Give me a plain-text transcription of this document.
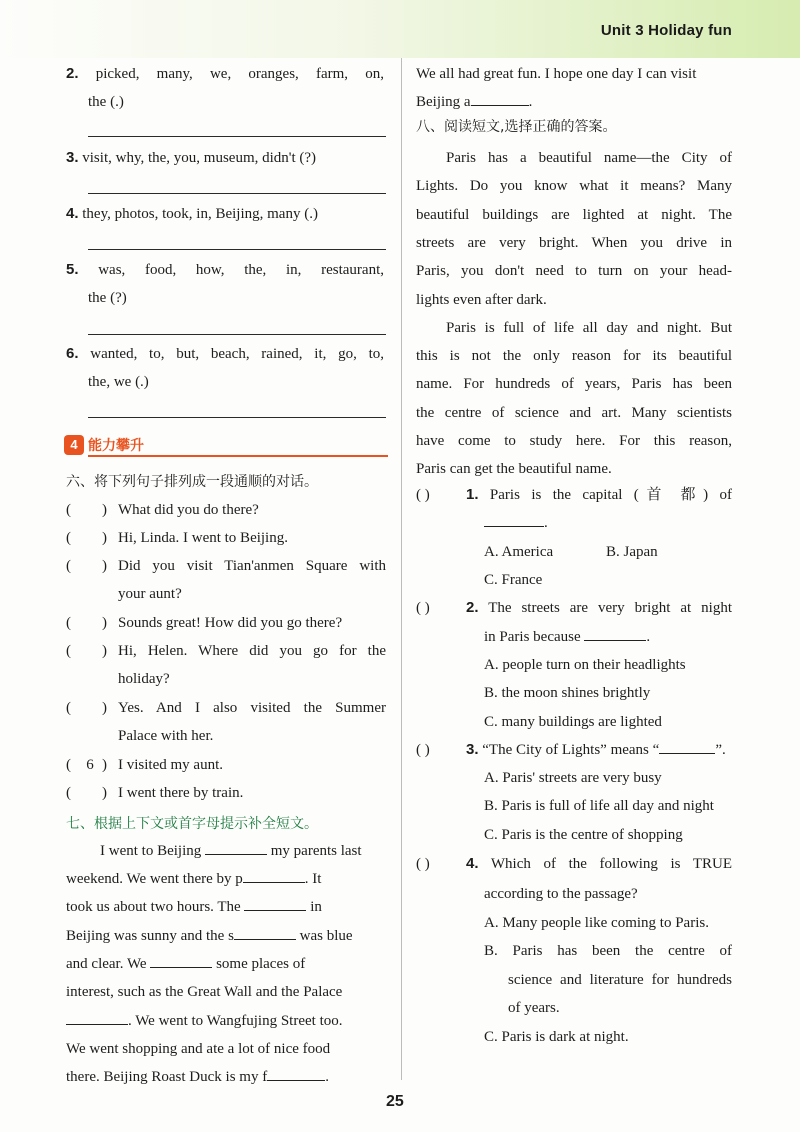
Unit 3 Holiday fun
2. picked, many, we, oranges, farm, on,
the (.)
3. visit, why, the, you, museum, didn't (?)
4. they, photos, took, in, Beijing, many (.)
5. was, food, how, the, in, restaurant,
the (?)
6. wanted, to, but, beach, rained, it, go, to,
the, we (.)
4 能力攀升
六、将下列句子排列成一段通顺的对话。
( ) What did you do there?
( ) Hi, Linda. I went to Beijing.
( ) Did you visit Tian'anmen Square with
your aunt?
( ) Sounds great! How did you go there?
( ) Hi, Helen. Where did you go for the
holiday?
( ) Yes. And I also visited the Summer
Palace with her.
( 6 ) I visited my aunt.
( ) I went there by train.
七、根据上下文或首字母提示补全短文。
I went to Beijing	my parents last
weekend. We went there by p	. It
took us about two hours. The	in
Beijing was sunny and the s	was blue
and clear. We	some places of
interest, such as the Great Wall and the Palace
. We went to Wangfujing Street too.
We went shopping and ate a lot of nice food
there. Beijing Roast Duck is my f	.
We all had great fun. I hope one day I can visit
Beijing a	.
八、阅读短文,选择正确的答案。
Paris has a beautiful name—the City of
Lights. Do you know what it means? Many
beautiful buildings are lighted at night. The
streets are very bright. When you drive in
Paris, you don't need to turn on your head-
lights even after dark.
Paris is full of life all day and night. But
this is not the only reason for its beautiful
name. For hundreds of years, Paris has been
the centre of science and art. Many scientists
have come to study here. For this reason,
Paris can get the beautiful name.
( ) 1. Paris is the capital (首 都) of
.
A. America	B. Japan
C. France
( ) 2. The streets are very bright at night
in Paris because	.
A. people turn on their headlights
B. the moon shines brightly
C. many buildings are lighted
( ) 3. “The City of Lights” means “	”.
A. Paris' streets are very busy
B. Paris is full of life all day and night
C. Paris is the centre of shopping
( ) 4. Which of the following is TRUE
according to the passage?
A. Many people like coming to Paris.
B. Paris has been the centre of
science and literature for hundreds
of years.
C. Paris is dark at night.
25
